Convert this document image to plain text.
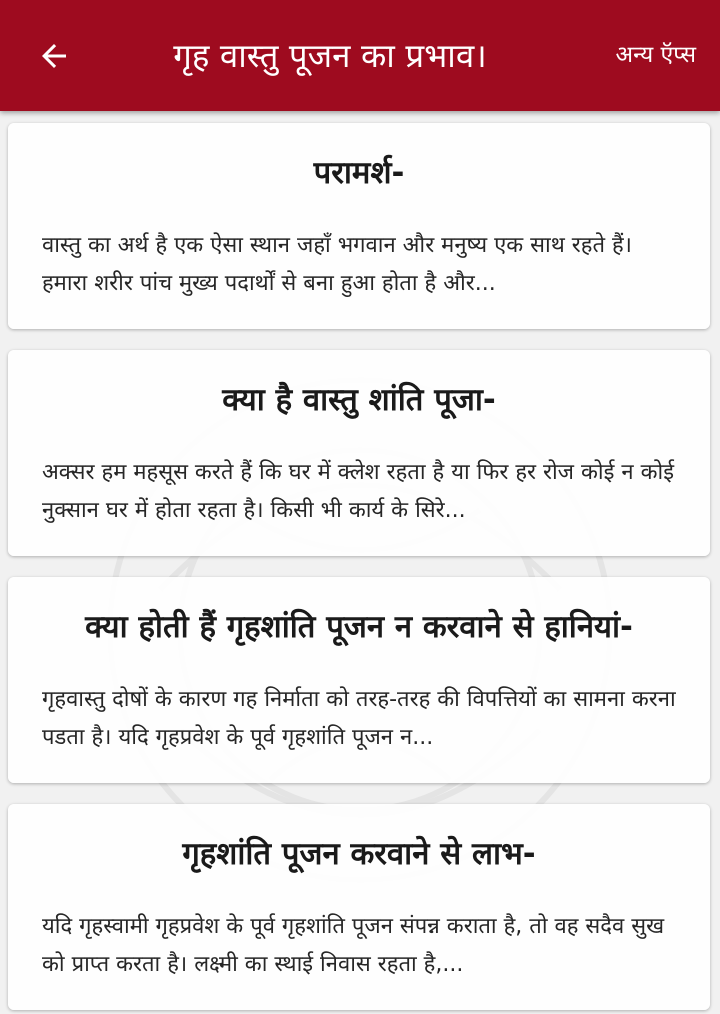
गृह वास्तु पूजन का प्रभाव।	अन्य ऍप्स
परामर्श-
वास्तु का अर्थ है एक ऐसा स्थान जहाँ भगवान और मनुष्य एक साथ रहते हैं। हमारा शरीर पांच मुख्य पदार्थों से बना हुआ होता है और...
क्या है वास्तु शांति पूजा-
अक्सर हम महसूस करते हैं कि घर में क्लेश रहता है या फिर हर रोज कोई न कोई नुक्सान घर में होता रहता है। किसी भी कार्य के सिरे...
क्या होती हैं गृहशांति पूजन न करवाने से हानियां-
गृहवास्तु दोषों के कारण गह निर्माता को तरह-तरह की विपत्तियों का सामना करना पडता है। यदि गृहप्रवेश के पूर्व गृहशांति पूजन न...
गृहशांति पूजन करवाने से लाभ-
यदि गृहस्वामी गृहप्रवेश के पूर्व गृहशांति पूजन संपन्न कराता है, तो वह सदैव सुख को प्राप्त करता है। लक्ष्मी का स्थाई निवास रहता है,...
